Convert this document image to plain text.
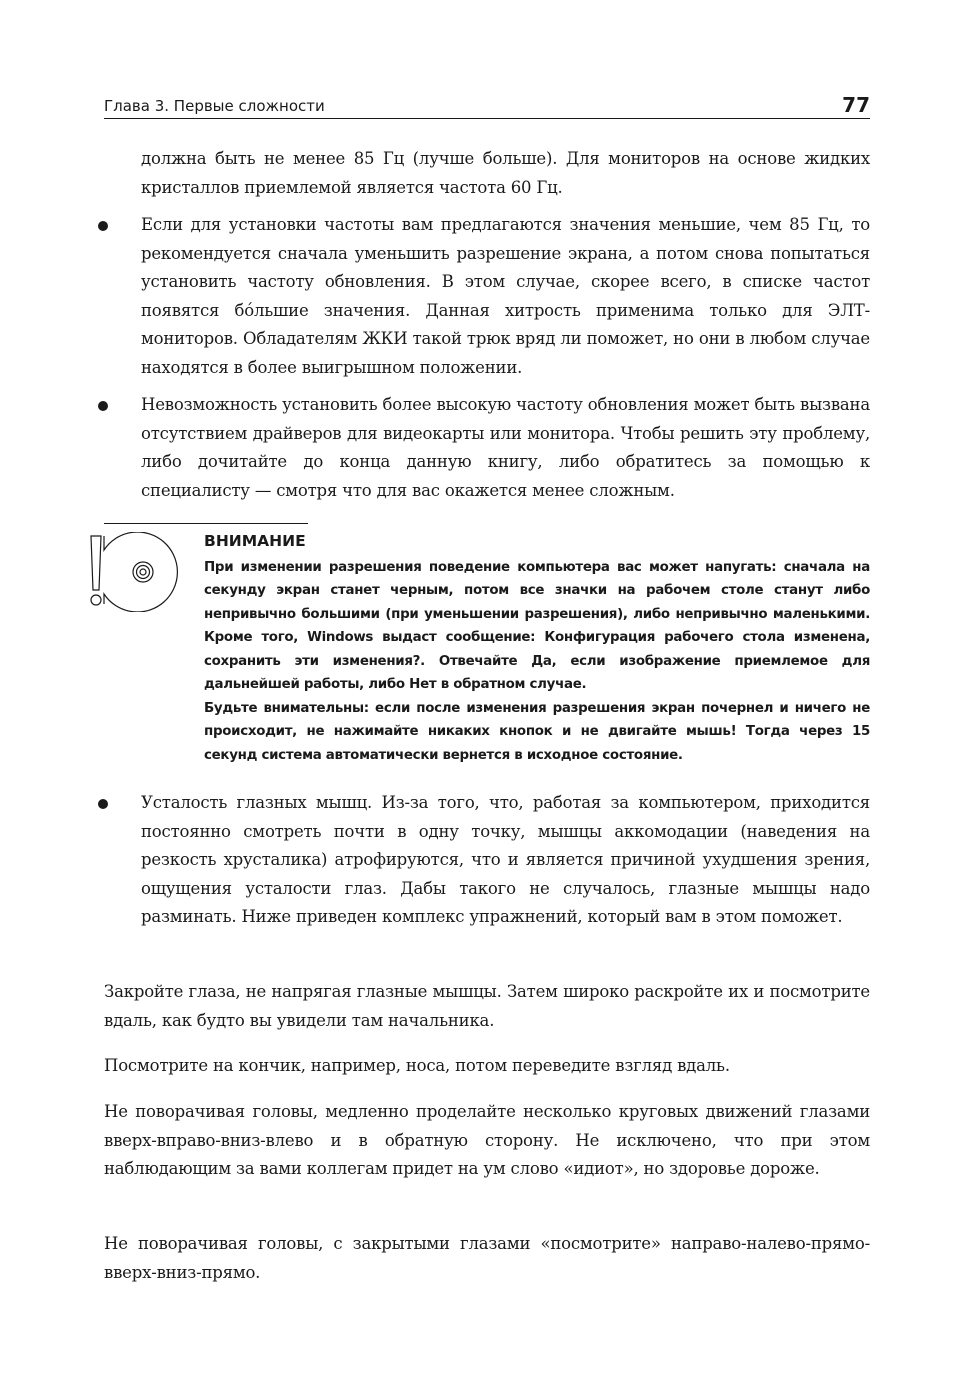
Глава 3. Первые сложности	77

должна быть не менее 85 Гц (лучше больше). Для мониторов на основе жидких кристаллов приемлемой является частота 60 Гц.

Если для установки частоты вам предлагаются значения меньшие, чем 85 Гц, то рекомендуется сначала уменьшить разрешение экрана, а потом снова попытаться установить частоту обновления. В этом случае, скорее всего, в списке частот появятся бóльшие значения. Данная хитрость применима только для ЭЛТ-мониторов. Обладателям ЖКИ такой трюк вряд ли поможет, но они в любом случае находятся в более выигрышном положении.

Невозможность установить более высокую частоту обновления может быть вызвана отсутствием драйверов для видеокарты или монитора. Чтобы решить эту проблему, либо дочитайте до конца данную книгу, либо обратитесь за помощью к специалисту — смотря что для вас окажется менее сложным.

ВНИМАНИЕ

При изменении разрешения поведение компьютера вас может напугать: сначала на секунду экран станет черным, потом все значки на рабочем столе станут либо непривычно большими (при уменьшении разрешения), либо непривычно маленькими. Кроме того, Windows выдаст сообщение: Конфигурация рабочего стола изменена, сохранить эти изменения?. Отвечайте Да, если изображение приемлемое для дальнейшей работы, либо Нет в обратном случае.

Будьте внимательны: если после изменения разрешения экран почернел и ничего не происходит, не нажимайте никаких кнопок и не двигайте мышь! Тогда через 15 секунд система автоматически вернется в исходное состояние.

Усталость глазных мышц. Из-за того, что, работая за компьютером, приходится постоянно смотреть почти в одну точку, мышцы аккомодации (наведения на резкость хрусталика) атрофируются, что и является причиной ухудшения зрения, ощущения усталости глаз. Дабы такого не случалось, глазные мышцы надо разминать. Ниже приведен комплекс упражнений, который вам в этом поможет.

Закройте глаза, не напрягая глазные мышцы. Затем широко раскройте их и посмотрите вдаль, как будто вы увидели там начальника.

Посмотрите на кончик, например, носа, потом переведите взгляд вдаль.

Не поворачивая головы, медленно проделайте несколько круговых движений глазами вверх-вправо-вниз-влево и в обратную сторону. Не исключено, что при этом наблюдающим за вами коллегам придет на ум слово «идиот», но здоровье дороже.

Не поворачивая головы, с закрытыми глазами «посмотрите» направо-налево-прямо-вверх-вниз-прямо.
